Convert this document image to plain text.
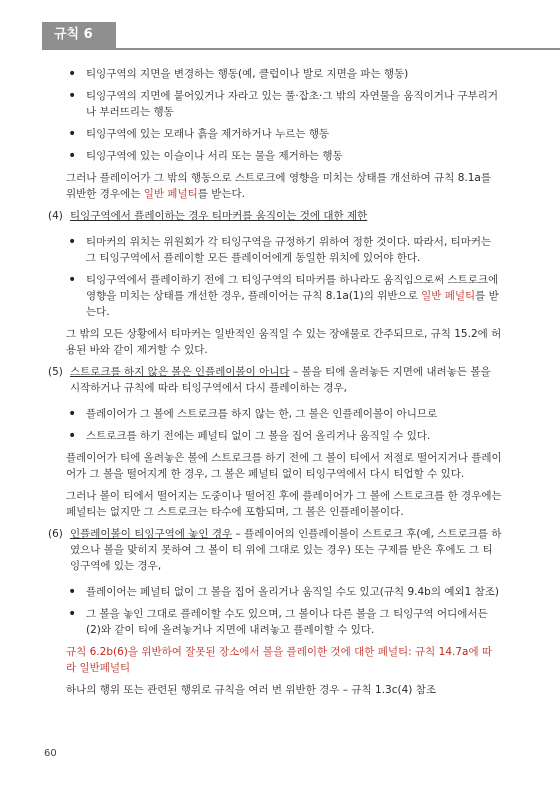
규칙 6
• 티잉구역의 지면을 변경하는 행동(예, 클럽이나 발로 지면을 파는 행동)
• 티잉구역의 지면에 붙어있거나 자라고 있는 풀·잡초·그 밖의 자연물을 움직이거나 구부리거나 부러뜨리는 행동
• 티잉구역에 있는 모래나 흙을 제거하거나 누르는 행동
• 티잉구역에 있는 이슬이나 서리 또는 물을 제거하는 행동

그러나 플레이어가 그 밖의 행동으로 스트로크에 영향을 미치는 상태를 개선하여 규칙 8.1a를 위반한 경우에는 일반 페널티를 받는다.

(4) 티잉구역에서 플레이하는 경우 티마커를 움직이는 것에 대한 제한

• 티마커의 위치는 위원회가 각 티잉구역을 규정하기 위하여 정한 것이다. 따라서, 티마커는 그 티잉구역에서 플레이할 모든 플레이어에게 동일한 위치에 있어야 한다.
• 티잉구역에서 플레이하기 전에 그 티잉구역의 티마커를 하나라도 움직임으로써 스트로크에 영향을 미치는 상태를 개선한 경우, 플레이어는 규칙 8.1a(1)의 위반으로 일반 페널티를 받는다.

그 밖의 모든 상황에서 티마커는 일반적인 움직일 수 있는 장애물로 간주되므로, 규칙 15.2에 허용된 바와 같이 제거할 수 있다.

(5) 스트로크를 하지 않은 볼은 인플레이볼이 아니다 – 볼을 티에 올려놓든 지면에 내려놓든 볼을 시작하거나 규칙에 따라 티잉구역에서 다시 플레이하는 경우,

• 플레이어가 그 볼에 스트로크를 하지 않는 한, 그 볼은 인플레이볼이 아니므로
• 스트로크를 하기 전에는 페널티 없이 그 볼을 집어 올리거나 움직일 수 있다.

플레이어가 티에 올려놓은 볼에 스트로크를 하기 전에 그 볼이 티에서 저절로 떨어지거나 플레이어가 그 볼을 떨어지게 한 경우, 그 볼은 페널티 없이 티잉구역에서 다시 티업할 수 있다.

그러나 볼이 티에서 떨어지는 도중이나 떨어진 후에 플레이어가 그 볼에 스트로크를 한 경우에는 페널티는 없지만 그 스트로크는 타수에 포함되며, 그 볼은 인플레이볼이다.

(6) 인플레이볼이 티잉구역에 놓인 경우 – 플레이어의 인플레이볼이 스트로크 후(예, 스트로크를 하였으나 볼을 맞히지 못하여 그 볼이 티 위에 그대로 있는 경우) 또는 구제를 받은 후에도 그 티잉구역에 있는 경우,

• 플레이어는 페널티 없이 그 볼을 집어 올리거나 움직일 수도 있고(규칙 9.4b의 예외1 참조)
• 그 볼을 놓인 그대로 플레이할 수도 있으며, 그 볼이나 다른 볼을 그 티잉구역 어디에서든 (2)와 같이 티에 올려놓거나 지면에 내려놓고 플레이할 수 있다.

규칙 6.2b(6)을 위반하여 잘못된 장소에서 볼을 플레이한 것에 대한 페널티: 규칙 14.7a에 따라 일반페널티

하나의 행위 또는 관련된 행위로 규칙을 여러 번 위반한 경우 – 규칙 1.3c(4) 참조

60
